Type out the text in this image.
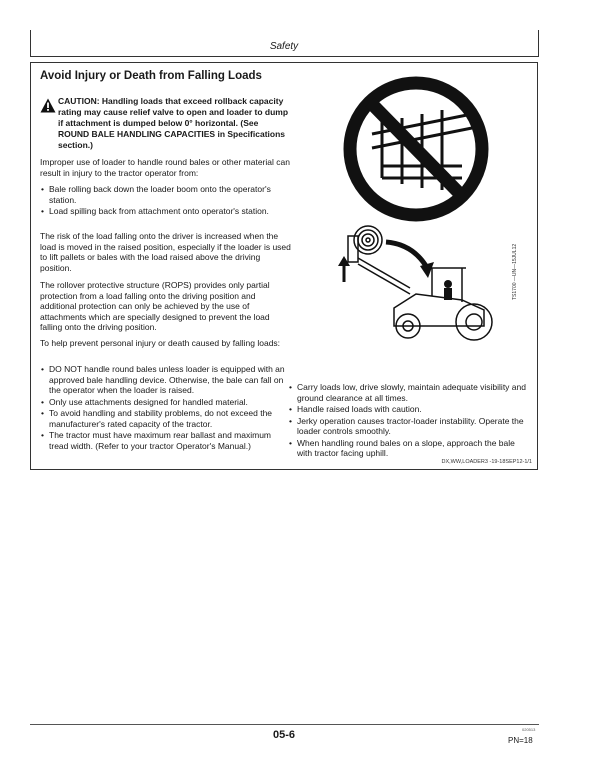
Safety
Avoid Injury or Death from Falling Loads
CAUTION: Handling loads that exceed rollback capacity rating may cause relief valve to open and loader to dump if attachment is dumped below 0° horizontal. (See ROUND BALE HANDLING CAPACITIES in Specifications section.)
Improper use of loader to handle round bales or other material can result in injury to the tractor operator from:
• Bale rolling back down the loader boom onto the operator's station.
• Load spilling back from attachment onto operator's station.
The risk of the load falling onto the driver is increased when the load is moved in the raised position, especially if the loader is used to lift pallets or bales with the load raised above the driving position.
The rollover protective structure (ROPS) provides only partial protection from a load falling onto the driving position and additional protection can only be achieved by the use of attachments which are specially designed to prevent the load falling onto the driving position.
To help prevent personal injury or death caused by falling loads:
• DO NOT handle round bales unless loader is equipped with an approved bale handling device. Otherwise, the bale can fall on the operator when the loader is raised.
• Only use attachments designed for handled material.
• To avoid handling and stability problems, do not exceed the manufacturer's rated capacity of the tractor.
• The tractor must have maximum rear ballast and maximum tread width. (Refer to your tractor Operator's Manual.)
• Carry loads low, drive slowly, maintain adequate visibility and ground clearance at all times.
• Handle raised loads with caution.
• Jerky operation causes tractor-loader instability. Operate the loader controls smoothly.
• When handling round bales on a slope, approach the bale with tractor facing uphill.
TS1700 —UN—15JUL12
DX,WW,LOADER3 -19-18SEP12-1/1
05-6	020513
PN=18
